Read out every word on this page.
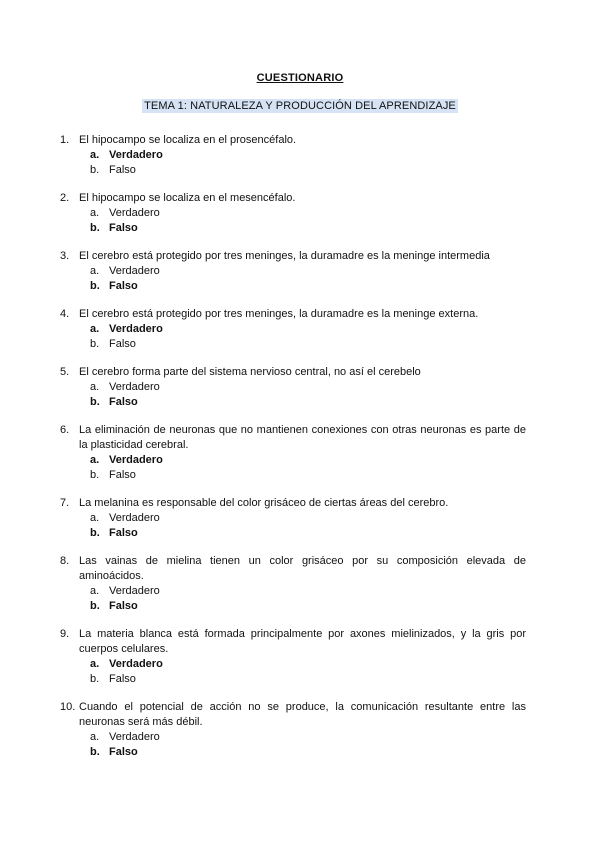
CUESTIONARIO
TEMA 1: NATURALEZA Y PRODUCCIÓN DEL APRENDIZAJE
1. El hipocampo se localiza en el prosencéfalo.
a. Verdadero
b. Falso
2. El hipocampo se localiza en el mesencéfalo.
a. Verdadero
b. Falso
3. El cerebro está protegido por tres meninges, la duramadre es la meninge intermedia
a. Verdadero
b. Falso
4. El cerebro está protegido por tres meninges, la duramadre es la meninge externa.
a. Verdadero
b. Falso
5. El cerebro forma parte del sistema nervioso central, no así el cerebelo
a. Verdadero
b. Falso
6. La eliminación de neuronas que no mantienen conexiones con otras neuronas es parte de la plasticidad cerebral.
a. Verdadero
b. Falso
7. La melanina es responsable del color grisáceo de ciertas áreas del cerebro.
a. Verdadero
b. Falso
8. Las vainas de mielina tienen un color grisáceo por su composición elevada de aminoácidos.
a. Verdadero
b. Falso
9. La materia blanca está formada principalmente por axones mielinizados, y la gris por cuerpos celulares.
a. Verdadero
b. Falso
10. Cuando el potencial de acción no se produce, la comunicación resultante entre las neuronas será más débil.
a. Verdadero
b. Falso
